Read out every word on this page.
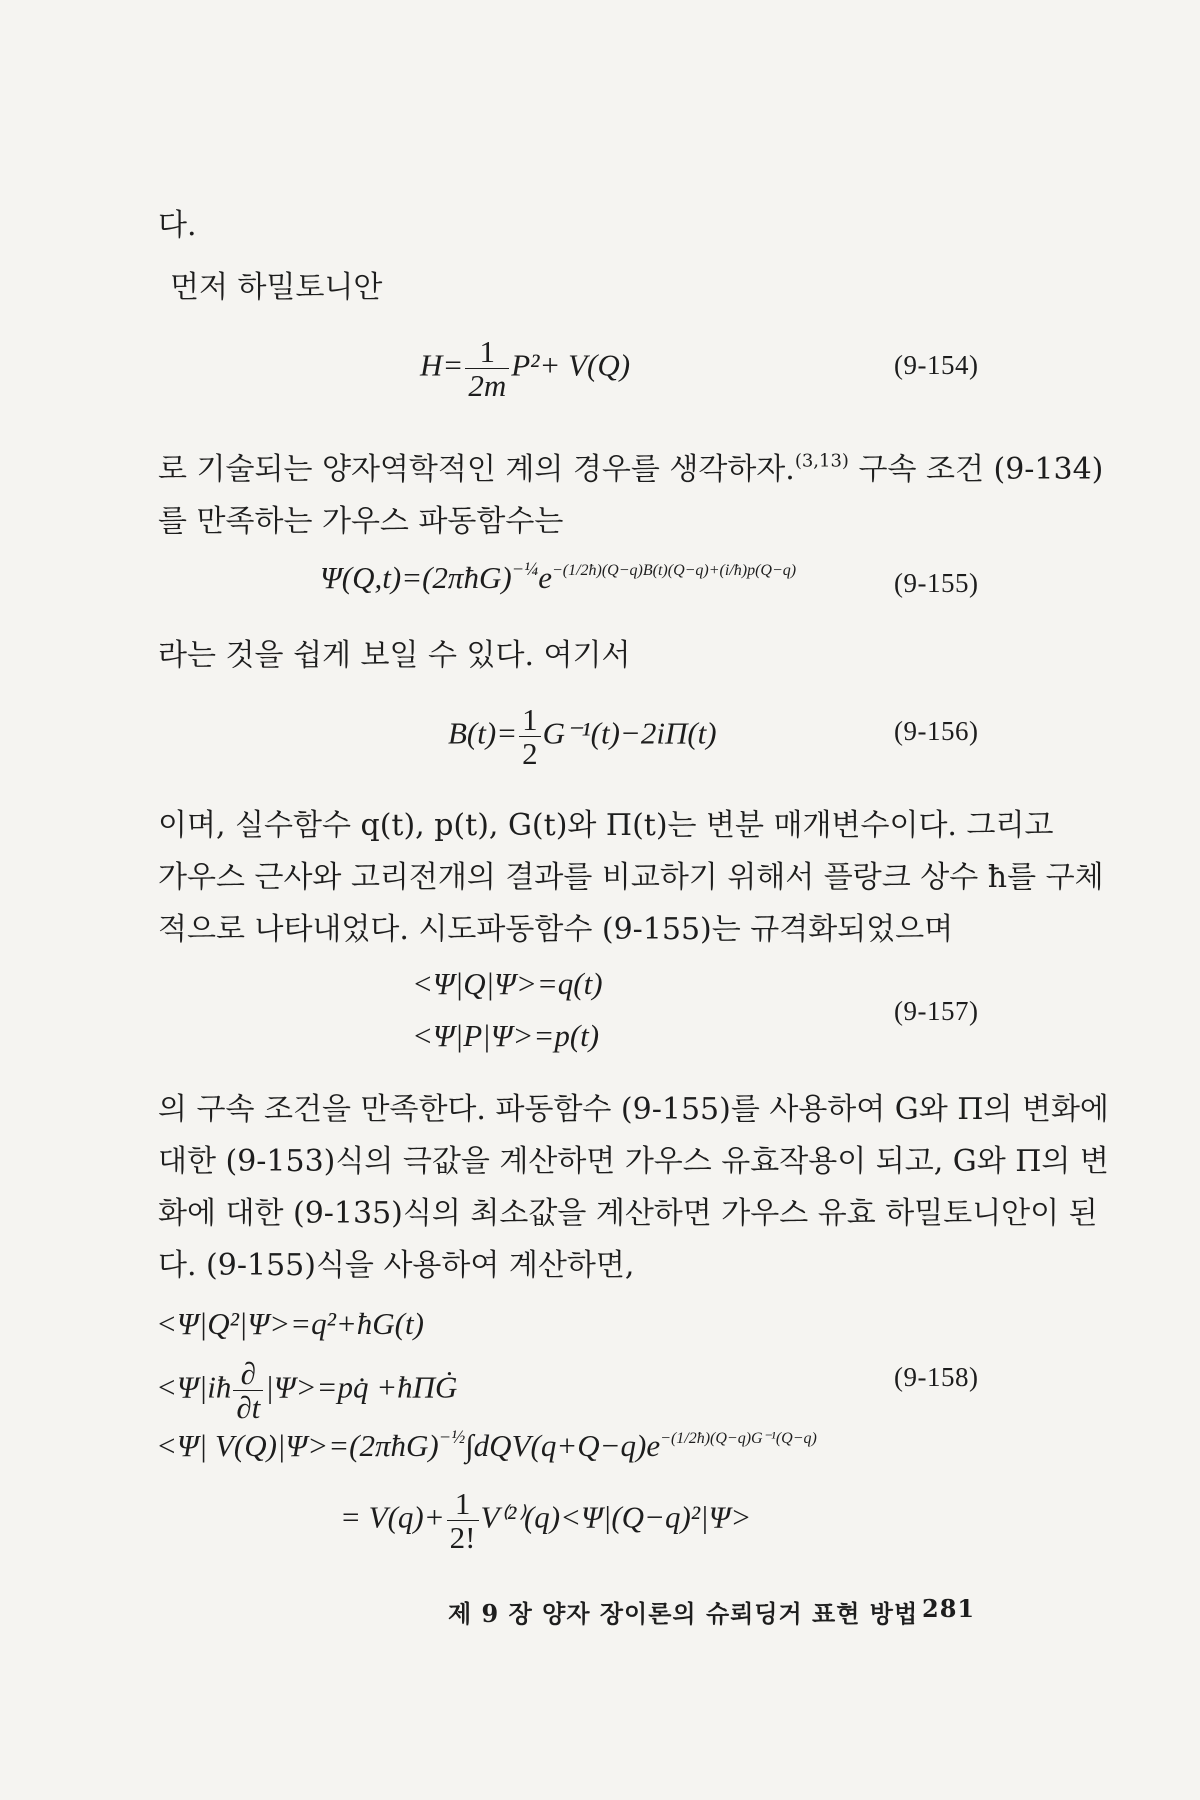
다.
먼저 하밀토니안
$H= \frac{1}{2m} P^2+ V(Q)$	(9-154)
로 기술되는 양자역학적인 계의 경우를 생각하자.$^{(3,13)}$ 구속 조건 (9-134)
를 만족하는 가우스 파동함수는
$\Psi(Q,t)=(2\pi ħG)^{-\frac{1}{4}}e^{-(1/2ħ)(Q-q)B(t)(Q-q)+(i/ħ)p(Q-q)}$	(9-155)
라는 것을 쉽게 보일 수 있다. 여기서
$B(t)= \frac{1}{2} G^{-1}(t)-2i\Pi(t)$	(9-156)
이며, 실수함수 q(t), p(t), G(t)와 Π(t)는 변분 매개변수이다. 그리고
가우스 근사와 고리전개의 결과를 비교하기 위해서 플랑크 상수 ħ를 구체
적으로 나타내었다. 시도파동함수 (9-155)는 규격화되었으며
<Ψ|Q|Ψ>=q(t)
<Ψ|P|Ψ>=p(t)
(9-157)
의 구속 조건을 만족한다. 파동함수 (9-155)를 사용하여 G와 Π의 변화에
대한 (9-153)식의 극값을 계산하면 가우스 유효작용이 되고, G와 Π의 변
화에 대한 (9-135)식의 최소값을 계산하면 가우스 유효 하밀토니안이 된
다. (9-155)식을 사용하여 계산하면,
<Ψ|Q²|Ψ>=q²+ħG(t)
<Ψ|iħ $\frac{\partial}{\partial t}$ |Ψ>=pq̇ +ħΠĠ	(9-158)
<Ψ| $V(Q)|\Psi>=(2\pi ħG)^{-\frac{1}{2}}\int dQV(q+Q-q)e^{-(1/2ħ)(Q-q)G^{-1}(Q-q)}$
= $V(q)+ \frac{1}{2!} V^{(2)}(q)<\Psi|(Q-q)^2|\Psi>$
제 9 장 양자 장이론의 슈뢰딩거 표현 방법 281
